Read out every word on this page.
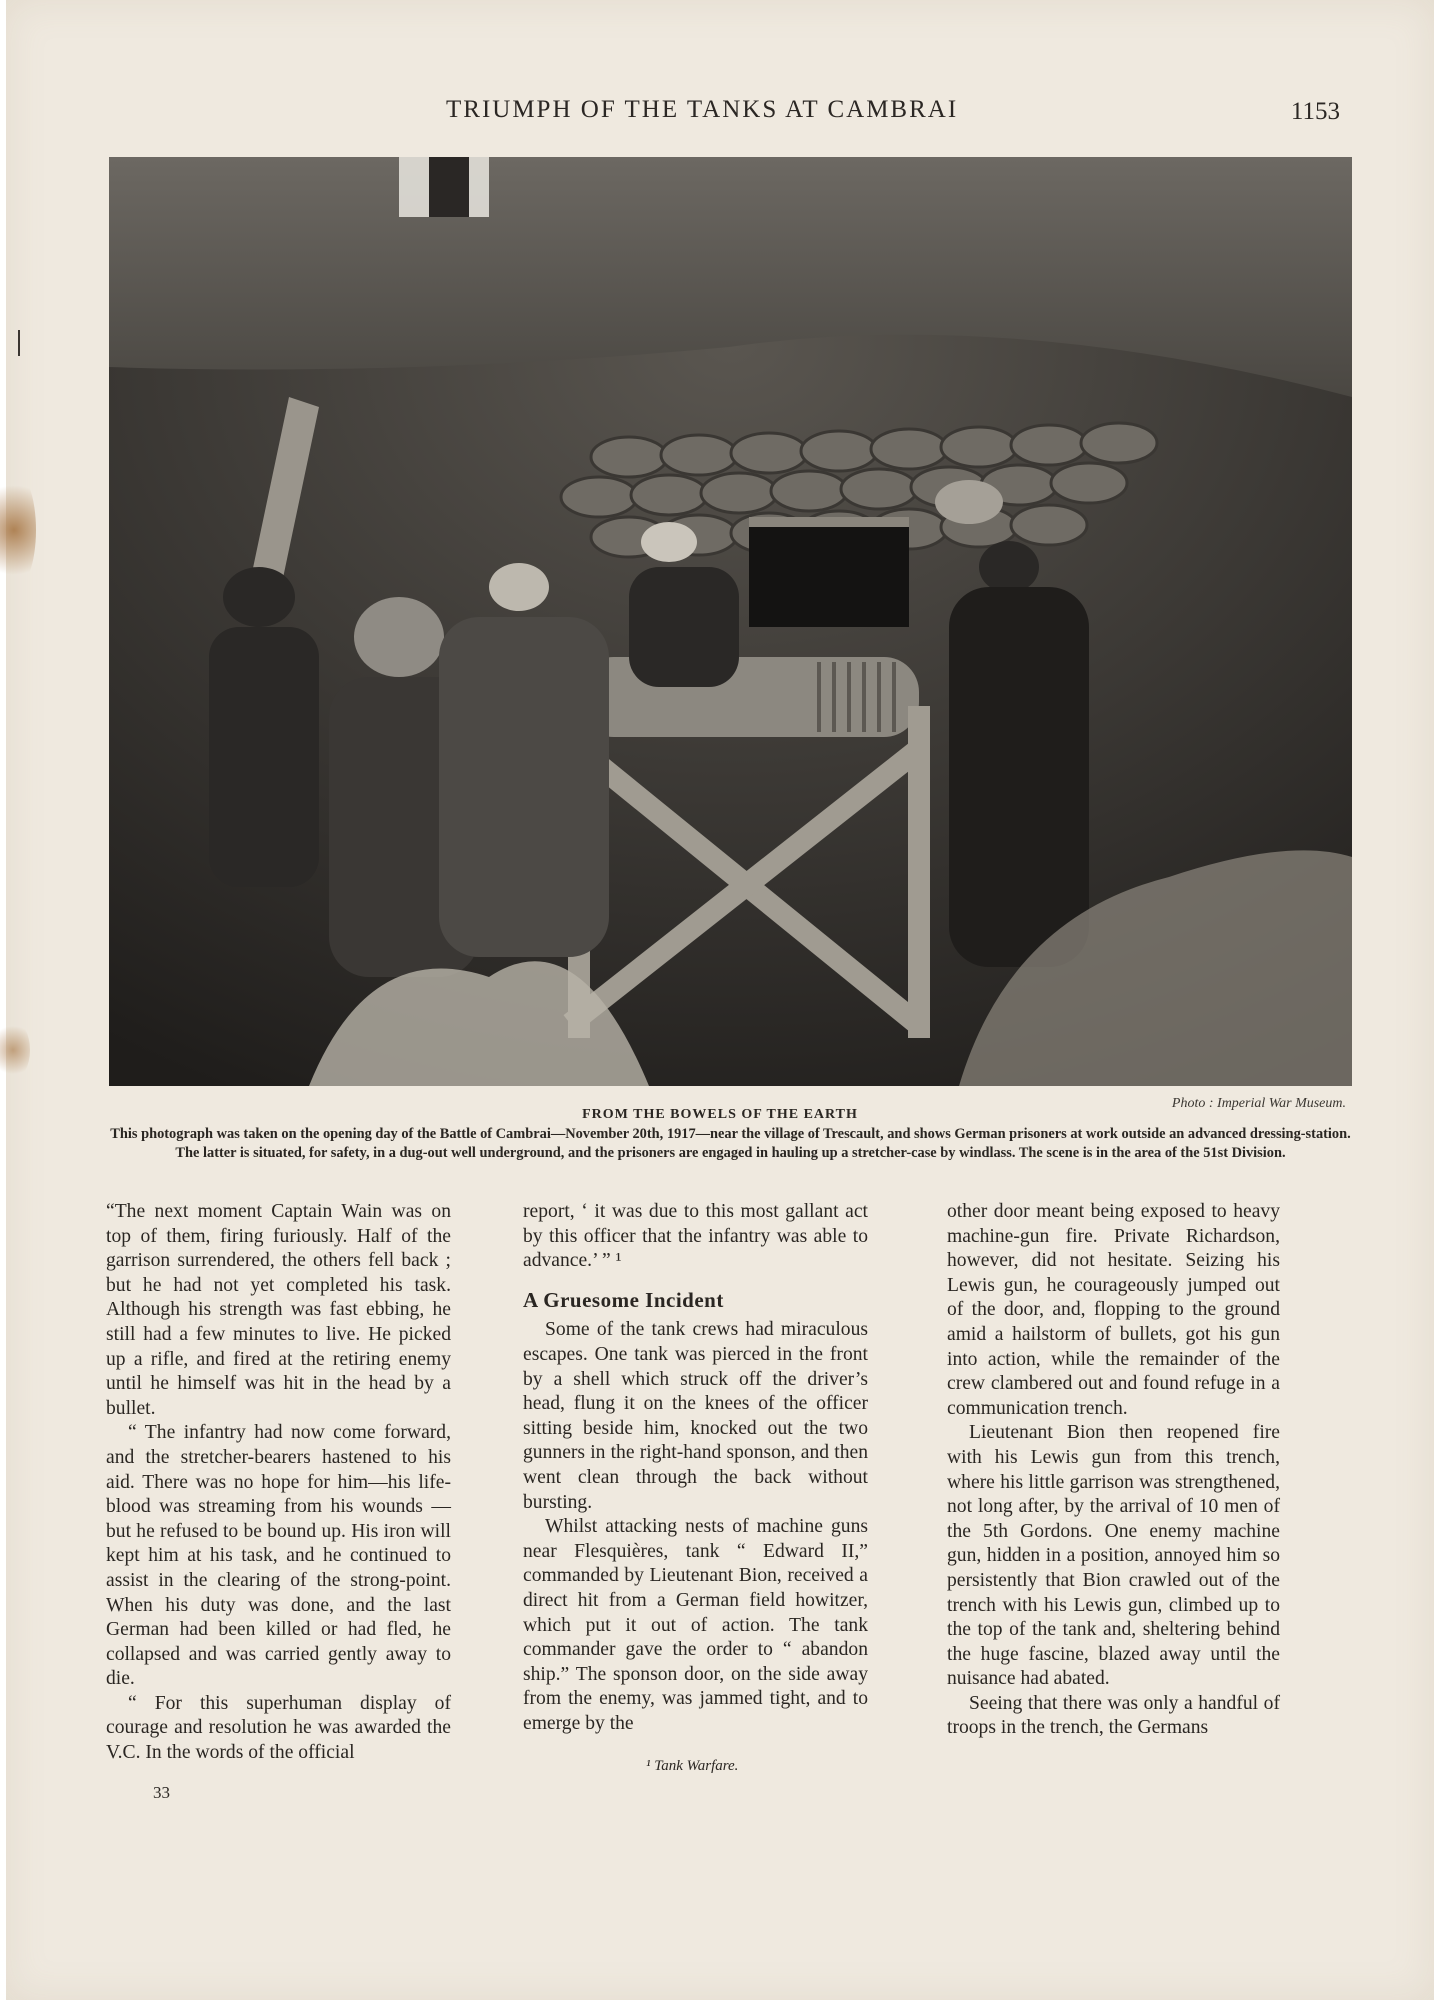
TRIUMPH OF THE TANKS AT CAMBRAI	1153
Photo : Imperial War Museum.
FROM THE BOWELS OF THE EARTH
This photograph was taken on the opening day of the Battle of Cambrai—November 20th, 1917—near the village of Trescault, and shows German prisoners at work outside an advanced dressing-station. The latter is situated, for safety, in a dug-out well underground, and the prisoners are engaged in hauling up a stretcher-case by windlass. The scene is in the area of the 51st Division.

“The next moment Captain Wain was on top of them, firing furiously. Half of the garrison surrendered, the others fell back ; but he had not yet completed his task. Although his strength was fast ebbing, he still had a few minutes to live. He picked up a rifle, and fired at the retiring enemy until he himself was hit in the head by a bullet.

“ The infantry had now come forward, and the stretcher-bearers hastened to his aid. There was no hope for him—his life-blood was streaming from his wounds —but he refused to be bound up. His iron will kept him at his task, and he continued to assist in the clearing of the strong-point. When his duty was done, and the last German had been killed or had fled, he collapsed and was carried gently away to die.

“ For this superhuman display of courage and resolution he was awarded the V.C. In the words of the official

report, ‘ it was due to this most gallant act by this officer that the infantry was able to advance.’ ” ¹

A Gruesome Incident

Some of the tank crews had miraculous escapes. One tank was pierced in the front by a shell which struck off the driver’s head, flung it on the knees of the officer sitting beside him, knocked out the two gunners in the right-hand sponson, and then went clean through the back without bursting.

Whilst attacking nests of machine guns near Flesquières, tank “ Edward II,” commanded by Lieutenant Bion, received a direct hit from a German field howitzer, which put it out of action. The tank commander gave the order to “ abandon ship.” The sponson door, on the side away from the enemy, was jammed tight, and to emerge by the

other door meant being exposed to heavy machine-gun fire. Private Richardson, however, did not hesitate. Seizing his Lewis gun, he courageously jumped out of the door, and, flopping to the ground amid a hailstorm of bullets, got his gun into action, while the remainder of the crew clambered out and found refuge in a communication trench.

Lieutenant Bion then reopened fire with his Lewis gun from this trench, where his little garrison was strengthened, not long after, by the arrival of 10 men of the 5th Gordons. One enemy machine gun, hidden in a position, annoyed him so persistently that Bion crawled out of the trench with his Lewis gun, climbed up to the top of the tank and, sheltering behind the huge fascine, blazed away until the nuisance had abated.

Seeing that there was only a handful of troops in the trench, the Germans

¹ Tank Warfare.
33
